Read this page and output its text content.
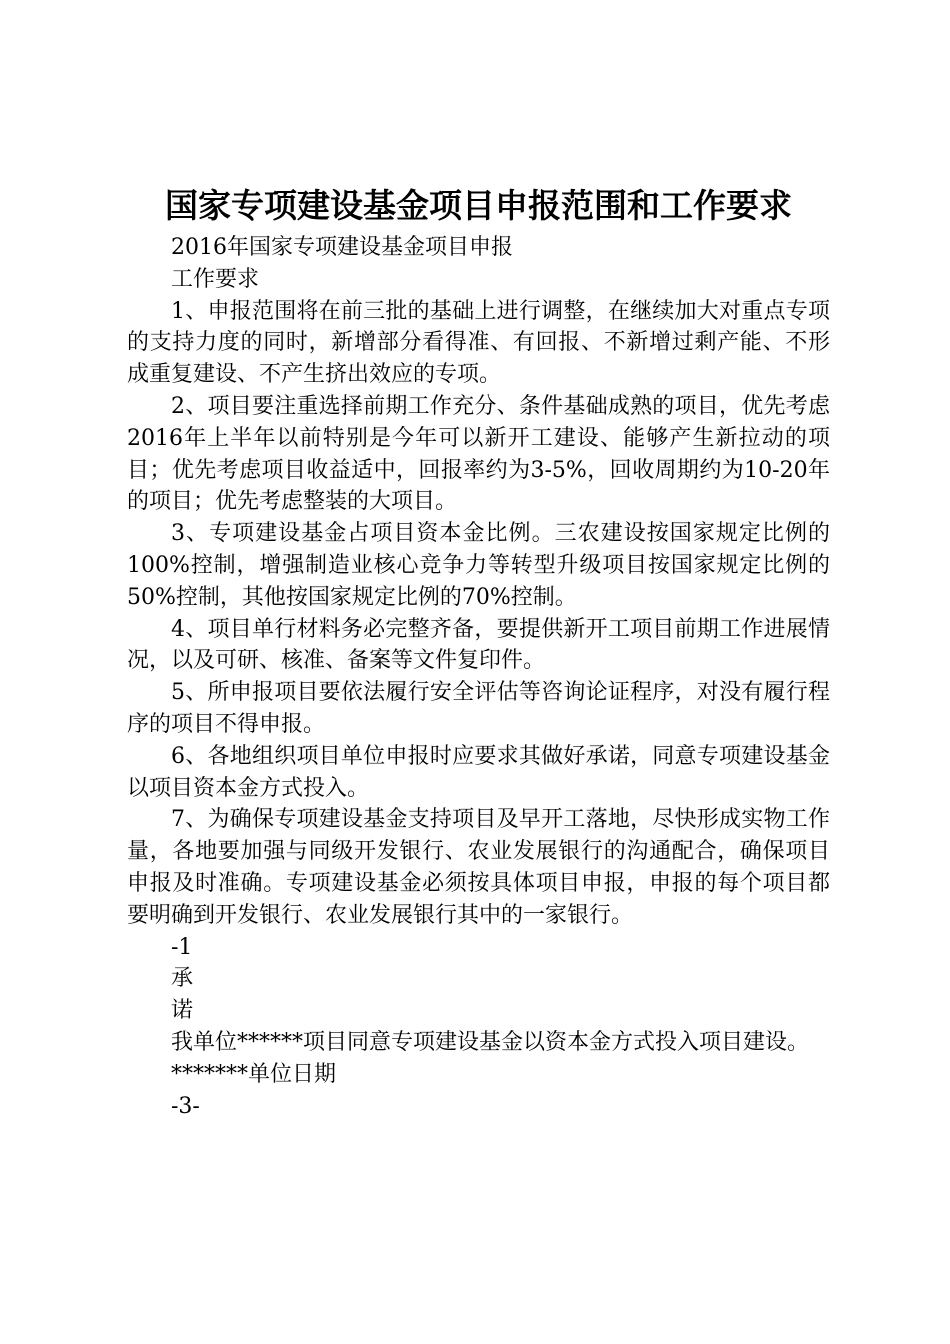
国家专项建设基金项目申报范围和工作要求

2016年国家专项建设基金项目申报

工作要求

1、申报范围将在前三批的基础上进行调整，在继续加大对重点专项的支持力度的同时，新增部分看得准、有回报、不新增过剩产能、不形成重复建设、不产生挤出效应的专项。

2、项目要注重选择前期工作充分、条件基础成熟的项目，优先考虑2016年上半年以前特别是今年可以新开工建设、能够产生新拉动的项目；优先考虑项目收益适中，回报率约为3-5%，回收周期约为10-20年的项目；优先考虑整装的大项目。

3、专项建设基金占项目资本金比例。三农建设按国家规定比例的100%控制，增强制造业核心竞争力等转型升级项目按国家规定比例的50%控制，其他按国家规定比例的70%控制。

4、项目单行材料务必完整齐备，要提供新开工项目前期工作进展情况，以及可研、核准、备案等文件复印件。

5、所申报项目要依法履行安全评估等咨询论证程序，对没有履行程序的项目不得申报。

6、各地组织项目单位申报时应要求其做好承诺，同意专项建设基金以项目资本金方式投入。

7、为确保专项建设基金支持项目及早开工落地，尽快形成实物工作量，各地要加强与同级开发银行、农业发展银行的沟通配合，确保项目申报及时准确。专项建设基金必须按具体项目申报，申报的每个项目都要明确到开发银行、农业发展银行其中的一家银行。

-1

承

诺

我单位******项目同意专项建设基金以资本金方式投入项目建设。

*******单位日期

-3-
